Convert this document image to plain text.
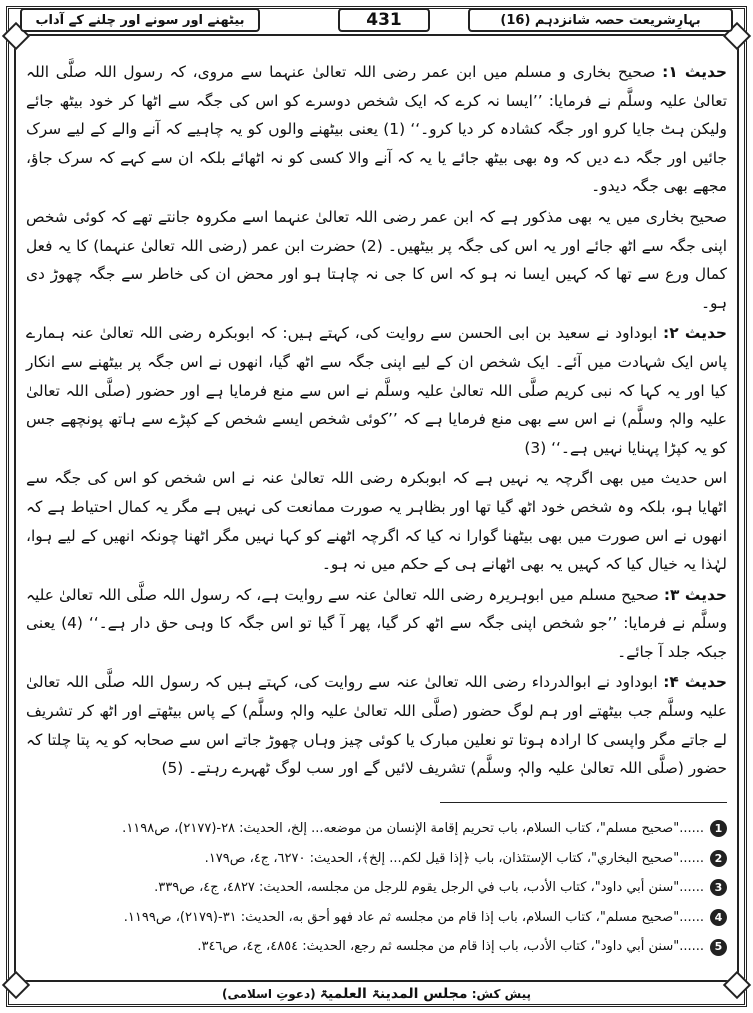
بہارِشریعت حصہ شانزدہم (16)
431
بیٹھنے اور سونے اور چلنے کے آداب

حدیث ۱: صحیح بخاری و مسلم میں ابن عمر رضی اللہ تعالیٰ عنہما سے مروی، کہ رسول اللہ صلَّی اللہ تعالیٰ علیہ وسلَّم نے فرمایا: ’’ایسا نہ کرے کہ ایک شخص دوسرے کو اس کی جگہ سے اٹھا کر خود بیٹھ جائے ولیکن ہٹ جایا کرو اور جگہ کشادہ کر دیا کرو۔‘‘ (1) یعنی بیٹھنے والوں کو یہ چاہیے کہ آنے والے کے لیے سرک جائیں اور جگہ دے دیں کہ وہ بھی بیٹھ جائے یا یہ کہ آنے والا کسی کو نہ اٹھائے بلکہ ان سے کہے کہ سرک جاؤ، مجھے بھی جگہ دیدو۔

صحیح بخاری میں یہ بھی مذکور ہے کہ ابن عمر رضی اللہ تعالیٰ عنہما اسے مکروہ جانتے تھے کہ کوئی شخص اپنی جگہ سے اٹھ جائے اور یہ اس کی جگہ پر بیٹھیں۔ (2) حضرت ابن عمر (رضی اللہ تعالیٰ عنہما) کا یہ فعل کمال ورع سے تھا کہ کہیں ایسا نہ ہو کہ اس کا جی نہ چاہتا ہو اور محض ان کی خاطر سے جگہ چھوڑ دی ہو۔

حدیث ۲: ابوداود نے سعید بن ابی الحسن سے روایت کی، کہتے ہیں: کہ ابوبکرہ رضی اللہ تعالیٰ عنہ ہمارے پاس ایک شہادت میں آئے۔ ایک شخص ان کے لیے اپنی جگہ سے اٹھ گیا، انھوں نے اس جگہ پر بیٹھنے سے انکار کیا اور یہ کہا کہ نبی کریم صلَّی اللہ تعالیٰ علیہ وسلَّم نے اس سے منع فرمایا ہے اور حضور (صلَّی اللہ تعالیٰ علیہ والہٖ وسلَّم) نے اس سے بھی منع فرمایا ہے کہ ’’کوئی شخص ایسے شخص کے کپڑے سے ہاتھ پونچھے جس کو یہ کپڑا پہنایا نہیں ہے۔‘‘ (3)

اس حدیث میں بھی اگرچہ یہ نہیں ہے کہ ابوبکرہ رضی اللہ تعالیٰ عنہ نے اس شخص کو اس کی جگہ سے اٹھایا ہو، بلکہ وہ شخص خود اٹھ گیا تھا اور بظاہر یہ صورت ممانعت کی نہیں ہے مگر یہ کمال احتیاط ہے کہ انھوں نے اس صورت میں بھی بیٹھنا گوارا نہ کیا کہ اگرچہ اٹھنے کو کہا نہیں مگر اٹھنا چونکہ انھیں کے لیے ہوا، لہٰذا یہ خیال کیا کہ کہیں یہ بھی اٹھانے ہی کے حکم میں نہ ہو۔

حدیث ۳: صحیح مسلم میں ابوہریرہ رضی اللہ تعالیٰ عنہ سے روایت ہے، کہ رسول اللہ صلَّی اللہ تعالیٰ علیہ وسلَّم نے فرمایا: ’’جو شخص اپنی جگہ سے اٹھ کر گیا، پھر آ گیا تو اس جگہ کا وہی حق دار ہے۔‘‘ (4) یعنی جبکہ جلد آ جائے۔

حدیث ۴: ابوداود نے ابوالدرداء رضی اللہ تعالیٰ عنہ سے روایت کی، کہتے ہیں کہ رسول اللہ صلَّی اللہ تعالیٰ علیہ وسلَّم جب بیٹھتے اور ہم لوگ حضور (صلَّی اللہ تعالیٰ علیہ والہٖ وسلَّم) کے پاس بیٹھتے اور اٹھ کر تشریف لے جاتے مگر واپسی کا ارادہ ہوتا تو نعلین مبارک یا کوئی چیز وہاں چھوڑ جاتے اس سے صحابہ کو یہ پتا چلتا کہ حضور (صلَّی اللہ تعالیٰ علیہ والہٖ وسلَّم) تشریف لائیں گے اور سب لوگ ٹھہرے رہتے۔ (5)

1
......"صحيح مسلم"، كتاب السلام، باب تحريم إقامة الإنسان من موضعه... إلخ، الحديث: ٢٨-(٢١٧٧)، ص١١٩٨.
2
......"صحيح البخاري"، كتاب الإستئذان، باب ﴿إذا قيل لكم... إلخ﴾، الحديث: ٦٢٧٠، ج٤، ص١٧٩.
3
......"سنن أبي داود"، كتاب الأدب، باب في الرجل يقوم للرجل من مجلسه، الحديث: ٤٨٢٧، ج٤، ص٣٣٩.
4
......"صحيح مسلم"، كتاب السلام، باب إذا قام من مجلسه ثم عاد فهو أحق به، الحديث: ٣١-(٢١٧٩)، ص١١٩٩.
5
......"سنن أبي داود"، كتاب الأدب، باب إذا قام من مجلسه ثم رجع، الحديث: ٤٨٥٤، ج٤، ص٣٤٦.
پیش کش: مجلس المدینۃ العلمیۃ (دعوتِ اسلامی)
